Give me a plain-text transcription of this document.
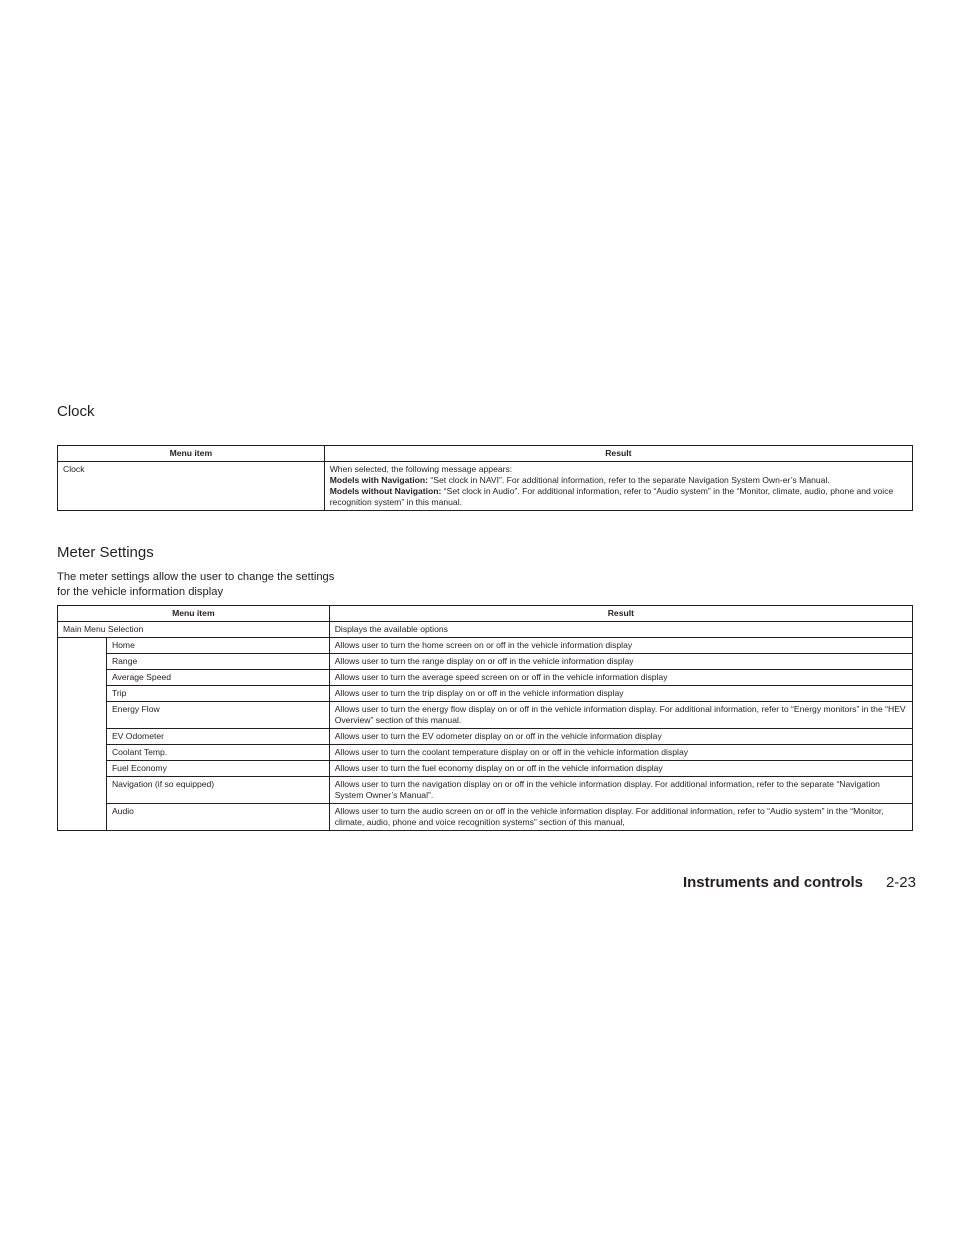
Clock
Menu item	Result
Clock	When selected, the following message appears:
Models with Navigation: “Set clock in NAVI”. For additional information, refer to the separate Navigation System Own-er’s Manual.
Models without Navigation: “Set clock in Audio”. For additional information, refer to “Audio system” in the “Monitor, climate, audio, phone and voice recognition system” in this manual.
Meter Settings

The meter settings allow the user to change the settings for the vehicle information display

Menu item		Result
Main Menu Selection		Displays the available options
	Home	Allows user to turn the home screen on or off in the vehicle information display
	Range	Allows user to turn the range display on or off in the vehicle information display
	Average Speed	Allows user to turn the average speed screen on or off in the vehicle information display
	Trip	Allows user to turn the trip display on or off in the vehicle information display
	Energy Flow	Allows user to turn the energy flow display on or off in the vehicle information display. For additional information, refer to “Energy monitors” in the “HEV Overview” section of this manual.
	EV Odometer	Allows user to turn the EV odometer display on or off in the vehicle information display
	Coolant Temp.	Allows user to turn the coolant temperature display on or off in the vehicle information display
	Fuel Economy	Allows user to turn the fuel economy display on or off in the vehicle information display
	Navigation (if so equipped)	Allows user to turn the navigation display on or off in the vehicle information display. For additional information, refer to the separate “Navigation System Owner’s Manual”.
	Audio	Allows user to turn the audio screen on or off in the vehicle information display. For additional information, refer to “Audio system” in the “Monitor, climate, audio, phone and voice recognition systems” section of this manual,
Instruments and controls 2-23
